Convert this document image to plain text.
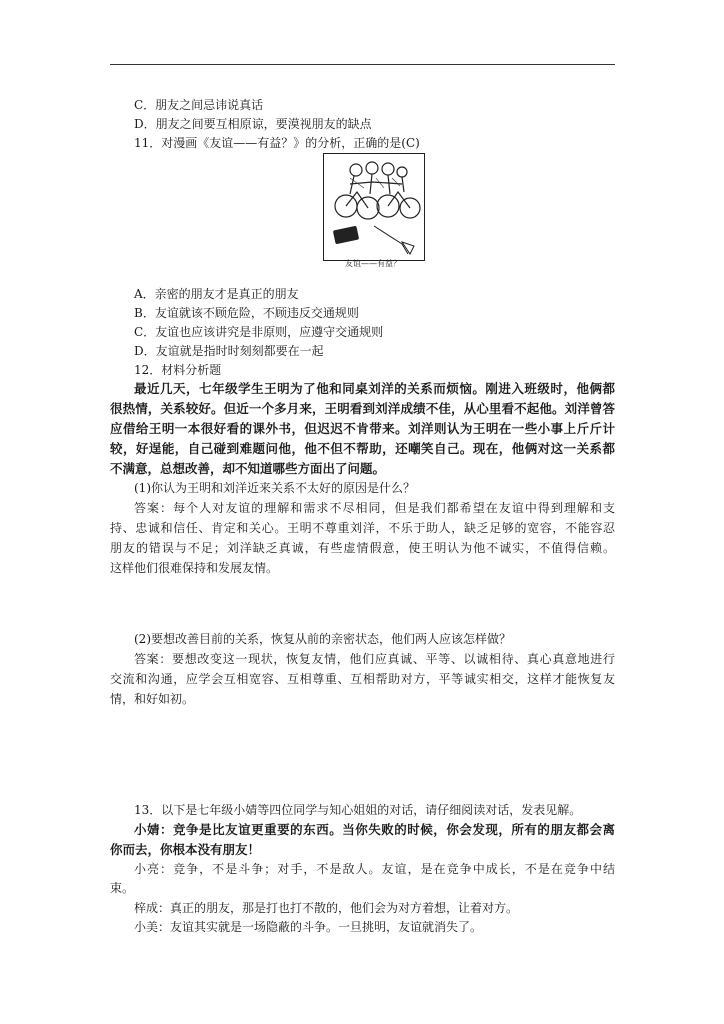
C．朋友之间忌讳说真话
D．朋友之间要互相原谅，要漠视朋友的缺点
11．对漫画《友谊——有益？》的分析，正确的是(C)
友谊——有益？
A．亲密的朋友才是真正的朋友
B．友谊就该不顾危险，不顾违反交通规则
C．友谊也应该讲究是非原则，应遵守交通规则
D．友谊就是指时时刻刻都要在一起
12．材料分析题
最近几天，七年级学生王明为了他和同桌刘洋的关系而烦恼。刚进入班级时，他俩都
很热情，关系较好。但近一个多月来，王明看到刘洋成绩不佳，从心里看不起他。刘洋曾答
应借给王明一本很好看的课外书，但迟迟不肯带来。刘洋则认为王明在一些小事上斤斤计
较，好逞能，自己碰到难题问他，他不但不帮助，还嘲笑自己。现在，他俩对这一关系都
不满意，总想改善，却不知道哪些方面出了问题。
(1)你认为王明和刘洋近来关系不太好的原因是什么？
答案：每个人对友谊的理解和需求不尽相同，但是我们都希望在友谊中得到理解和支
持、忠诚和信任、肯定和关心。王明不尊重刘洋，不乐于助人，缺乏足够的宽容，不能容忍
朋友的错误与不足；刘洋缺乏真诚，有些虚情假意，使王明认为他不诚实，不值得信赖。
这样他们很难保持和发展友情。
(2)要想改善目前的关系，恢复从前的亲密状态，他们两人应该怎样做？
答案：要想改变这一现状，恢复友情，他们应真诚、平等、以诚相待、真心真意地进行
交流和沟通，应学会互相宽容、互相尊重、互相帮助对方，平等诚实相交，这样才能恢复友
情，和好如初。
13．以下是七年级小婧等四位同学与知心姐姐的对话，请仔细阅读对话，发表见解。
小婧：竞争是比友谊更重要的东西。当你失败的时候，你会发现，所有的朋友都会离
你而去，你根本没有朋友！
小亮：竞争，不是斗争；对手，不是敌人。友谊，是在竞争中成长，不是在竞争中结
束。
梓成：真正的朋友，那是打也打不散的，他们会为对方着想，让着对方。
小美：友谊其实就是一场隐蔽的斗争。一旦挑明，友谊就消失了。
